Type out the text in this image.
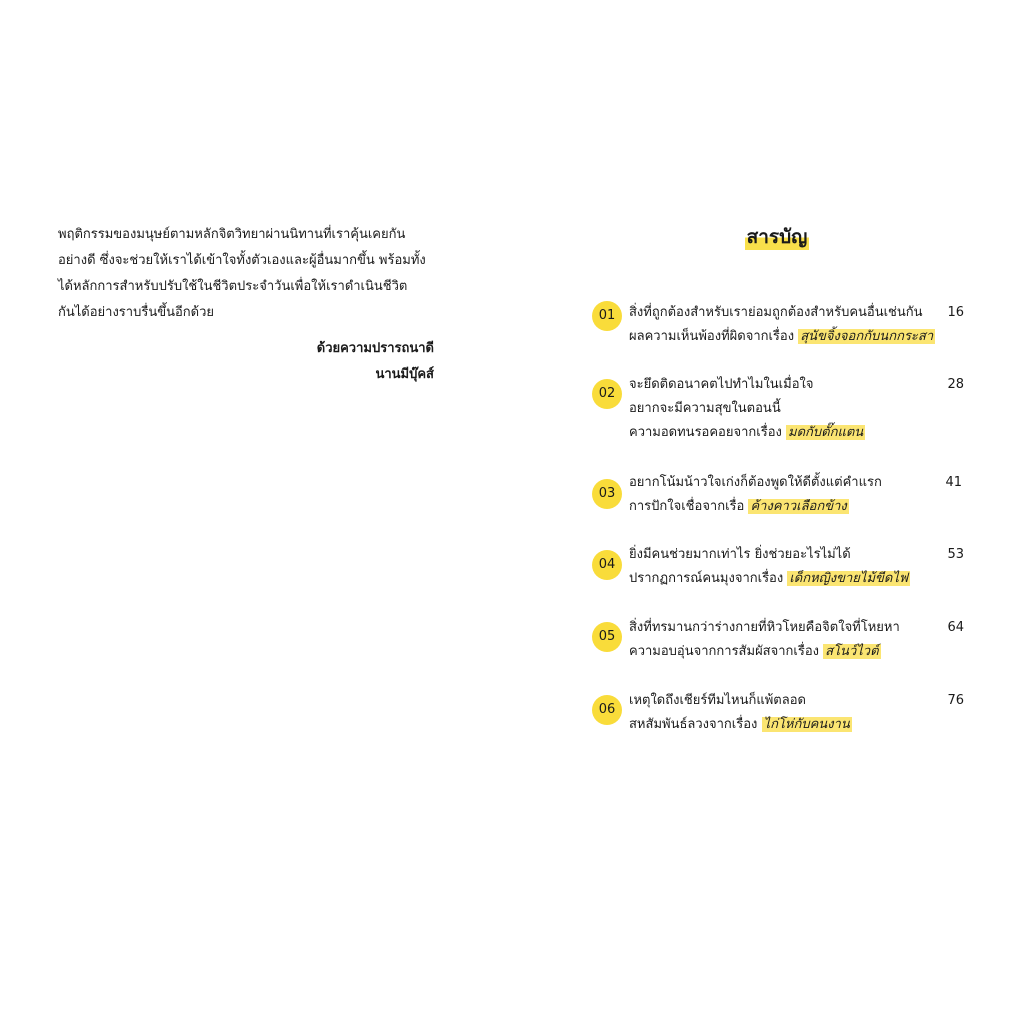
พฤติกรรมของมนุษย์ตามหลักจิตวิทยาผ่านนิทานที่เราคุ้นเคยกัน

อย่างดี ซึ่งจะช่วยให้เราได้เข้าใจทั้งตัวเองและผู้อื่นมากขึ้น พร้อมทั้ง

ได้หลักการสำหรับปรับใช้ในชีวิตประจำวันเพื่อให้เราดำเนินชีวิต

กันได้อย่างราบรื่นขึ้นอีกด้วย

ด้วยความปรารถนาดี
นานมีบุ๊คส์
สารบัญ
01	สิ่งที่ถูกต้องสำหรับเราย่อมถูกต้องสำหรับคนอื่นเช่นกัน
ผลความเห็นพ้องที่ผิดจากเรื่อง สุนัขจิ้งจอกกับนกกระสา
16
02
จะยึดติดอนาคตไปทำไมในเมื่อใจ
อยากจะมีความสุขในตอนนี้
ความอดทนรอคอยจากเรื่อง มดกับตั๊กแตน
28
03
อยากโน้มน้าวใจเก่งก็ต้องพูดให้ดีตั้งแต่คำแรก
การปักใจเชื่อจากเรื่อ ค้างคาวเลือกข้าง
41
04
ยิ่งมีคนช่วยมากเท่าไร ยิ่งช่วยอะไรไม่ได้
ปรากฏการณ์คนมุงจากเรื่อง เด็กหญิงขายไม้ขีดไฟ
53
05
สิ่งที่ทรมานกว่าร่างกายที่หิวโหยคือจิตใจที่โหยหา
ความอบอุ่นจากการสัมผัสจากเรื่อง สโนว์ไวต์
64
06
เหตุใดถึงเชียร์ทีมไหนก็แพ้ตลอด
สหสัมพันธ์ลวงจากเรื่อง ไก่โห่กับคนงาน
76
